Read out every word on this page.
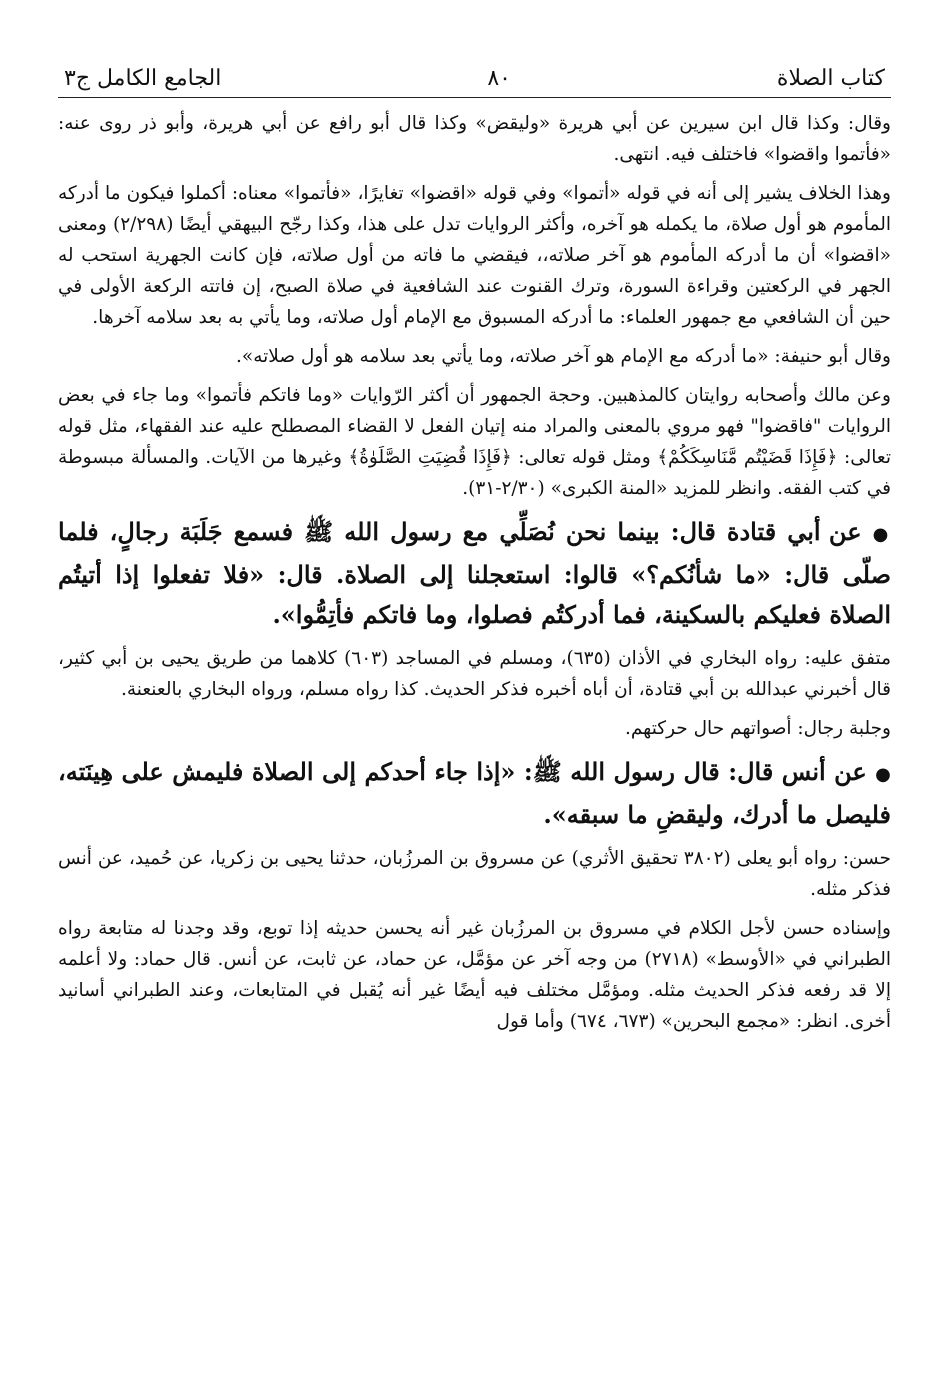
كتاب الصلاة
٨٠
الجامع الكامل ج٣

وقال: وكذا قال ابن سيرين عن أبي هريرة «وليقض» وكذا قال أبو رافع عن أبي هريرة، وأبو ذر روى عنه: «فأتموا واقضوا» فاختلف فيه. انتهى.

وهذا الخلاف يشير إلى أنه في قوله «أتموا» وفي قوله «اقضوا» تغايرًا، «فأتموا» معناه: أكملوا فيكون ما أدركه المأموم هو أول صلاة، ما يكمله هو آخره، وأكثر الروايات تدل على هذا، وكذا رجّح البيهقي أيضًا (٢/٢٩٨) ومعنى «اقضوا» أن ما أدركه المأموم هو آخر صلاته،، فيقضي ما فاته من أول صلاته، فإن كانت الجهرية استحب له الجهر في الركعتين وقراءة السورة، وترك القنوت عند الشافعية في صلاة الصبح، إن فاتته الركعة الأولى في حين أن الشافعي مع جمهور العلماء: ما أدركه المسبوق مع الإمام أول صلاته، وما يأتي به بعد سلامه آخرها.

وقال أبو حنيفة: «ما أدركه مع الإمام هو آخر صلاته، وما يأتي بعد سلامه هو أول صلاته».

وعن مالك وأصحابه روايتان كالمذهبين. وحجة الجمهور أن أكثر الرّوايات «وما فاتكم فأتموا» وما جاء في بعض الروايات "فاقضوا" فهو مروي بالمعنى والمراد منه إتيان الفعل لا القضاء المصطلح عليه عند الفقهاء، مثل قوله تعالى: ﴿فَإِذَا قَضَيْتُم مَّنَاسِكَكُمْ﴾ ومثل قوله تعالى: ﴿فَإِذَا قُضِيَتِ الصَّلَوٰةُ﴾ وغيرها من الآيات. والمسألة مبسوطة في كتب الفقه. وانظر للمزيد «المنة الكبرى» (٢/٣٠-٣١).

● عن أبي قتادة قال: بينما نحن نُصَلِّي مع رسول الله ﷺ فسمع جَلَبَة رجالٍ، فلما صلّى قال: «ما شأنُكم؟» قالوا: استعجلنا إلى الصلاة. قال: «فلا تفعلوا إذا أتيتُم الصلاة فعليكم بالسكينة، فما أدركتُم فصلوا، وما فاتكم فأتِمُّوا».

متفق عليه: رواه البخاري في الأذان (٦٣٥)، ومسلم في المساجد (٦٠٣) كلاهما من طريق يحيى بن أبي كثير، قال أخبرني عبدالله بن أبي قتادة، أن أباه أخبره فذكر الحديث. كذا رواه مسلم، ورواه البخاري بالعنعنة.

وجلبة رجال: أصواتهم حال حركتهم.

● عن أنس قال: قال رسول الله ﷺ: «إذا جاء أحدكم إلى الصلاة فليمش على هِينَته، فليصل ما أدرك، وليقضِ ما سبقه».

حسن: رواه أبو يعلى (٣٨٠٢ تحقيق الأثري) عن مسروق بن المرزُبان، حدثنا يحيى بن زكريا، عن حُميد، عن أنس فذكر مثله.

وإسناده حسن لأجل الكلام في مسروق بن المرزُبان غير أنه يحسن حديثه إذا توبع، وقد وجدنا له متابعة رواه الطبراني في «الأوسط» (٢٧١٨) من وجه آخر عن مؤمَّل، عن حماد، عن ثابت، عن أنس. قال حماد: ولا أعلمه إلا قد رفعه فذكر الحديث مثله. ومؤمَّل مختلف فيه أيضًا غير أنه يُقبل في المتابعات، وعند الطبراني أسانيد أخرى. انظر: «مجمع البحرين» (٦٧٣، ٦٧٤) وأما قول
